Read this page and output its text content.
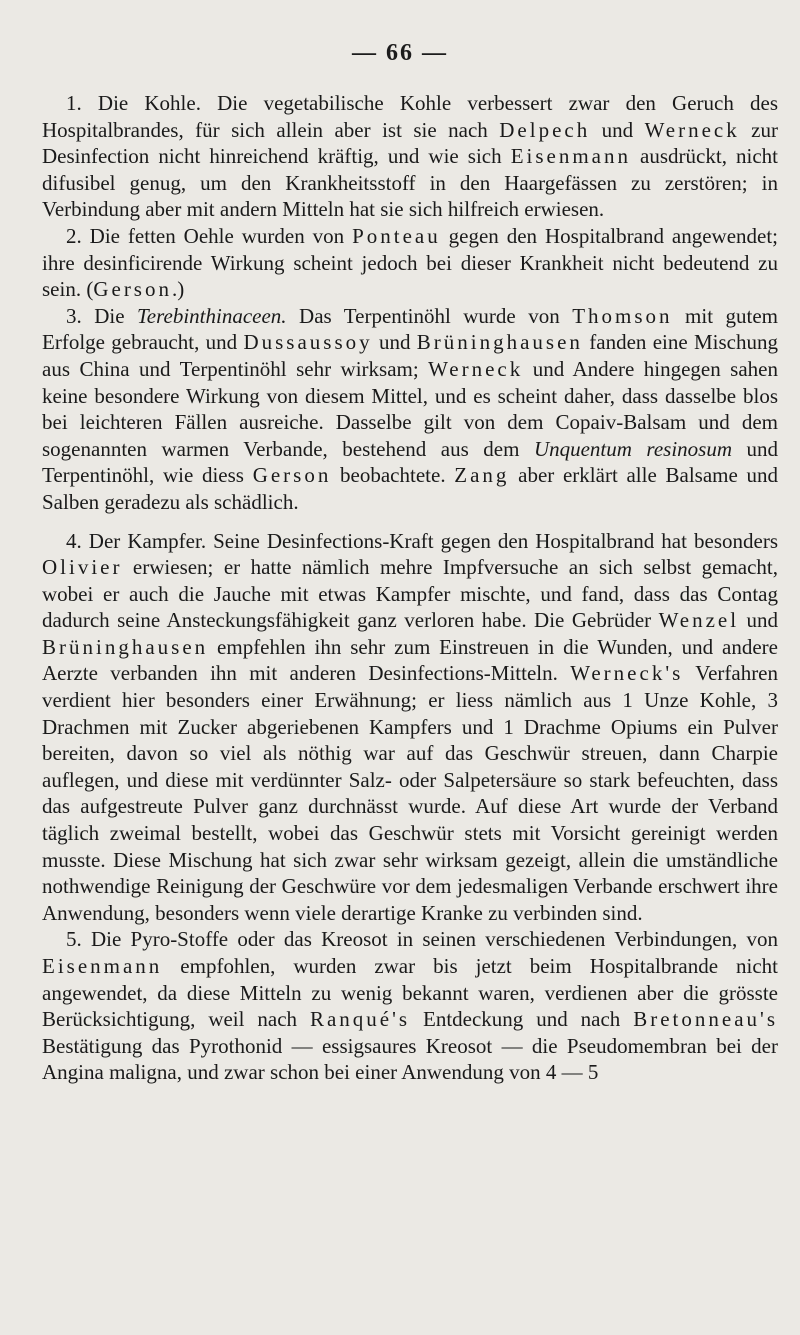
— 66 —

1. Die Kohle. Die vegetabilische Kohle verbessert zwar den Geruch des Hospitalbrandes, für sich allein aber ist sie nach Delpech und Werneck zur Desinfection nicht hinreichend kräftig, und wie sich Eisenmann ausdrückt, nicht difusibel genug, um den Krankheitsstoff in den Haargefässen zu zerstören; in Verbindung aber mit andern Mitteln hat sie sich hilfreich erwiesen.

2. Die fetten Oehle wurden von Ponteau gegen den Hospitalbrand angewendet; ihre desinficirende Wirkung scheint jedoch bei dieser Krankheit nicht bedeutend zu sein. (Gerson.)

3. Die Terebinthinaceen. Das Terpentinöhl wurde von Thomson mit gutem Erfolge gebraucht, und Dussaussoy und Brüninghausen fanden eine Mischung aus China und Terpentinöhl sehr wirksam; Werneck und Andere hingegen sahen keine besondere Wirkung von diesem Mittel, und es scheint daher, dass dasselbe blos bei leichteren Fällen ausreiche. Dasselbe gilt von dem Copaiv-Balsam und dem sogenannten warmen Verbande, bestehend aus dem Unquentum resinosum und Terpentinöhl, wie diess Gerson beobachtete. Zang aber erklärt alle Balsame und Salben geradezu als schädlich.

4. Der Kampfer. Seine Desinfections-Kraft gegen den Hospitalbrand hat besonders Olivier erwiesen; er hatte nämlich mehre Impfversuche an sich selbst gemacht, wobei er auch die Jauche mit etwas Kampfer mischte, und fand, dass das Contag dadurch seine Ansteckungsfähigkeit ganz verloren habe. Die Gebrüder Wenzel und Brüninghausen empfehlen ihn sehr zum Einstreuen in die Wunden, und andere Aerzte verbanden ihn mit anderen Desinfections-Mitteln. Werneck's Verfahren verdient hier besonders einer Erwähnung; er liess nämlich aus 1 Unze Kohle, 3 Drachmen mit Zucker abgeriebenen Kampfers und 1 Drachme Opiums ein Pulver bereiten, davon so viel als nöthig war auf das Geschwür streuen, dann Charpie auflegen, und diese mit verdünnter Salz- oder Salpetersäure so stark befeuchten, dass das aufgestreute Pulver ganz durchnässt wurde. Auf diese Art wurde der Verband täglich zweimal bestellt, wobei das Geschwür stets mit Vorsicht gereinigt werden musste. Diese Mischung hat sich zwar sehr wirksam gezeigt, allein die umständliche nothwendige Reinigung der Geschwüre vor dem jedesmaligen Verbande erschwert ihre Anwendung, besonders wenn viele derartige Kranke zu verbinden sind.

5. Die Pyro-Stoffe oder das Kreosot in seinen verschiedenen Verbindungen, von Eisenmann empfohlen, wurden zwar bis jetzt beim Hospitalbrande nicht angewendet, da diese Mitteln zu wenig bekannt waren, verdienen aber die grösste Berücksichtigung, weil nach Ranqué's Entdeckung und nach Bretonneau's Bestätigung das Pyrothonid — essigsaures Kreosot — die Pseudomembran bei der Angina maligna, und zwar schon bei einer Anwendung von 4 — 5
